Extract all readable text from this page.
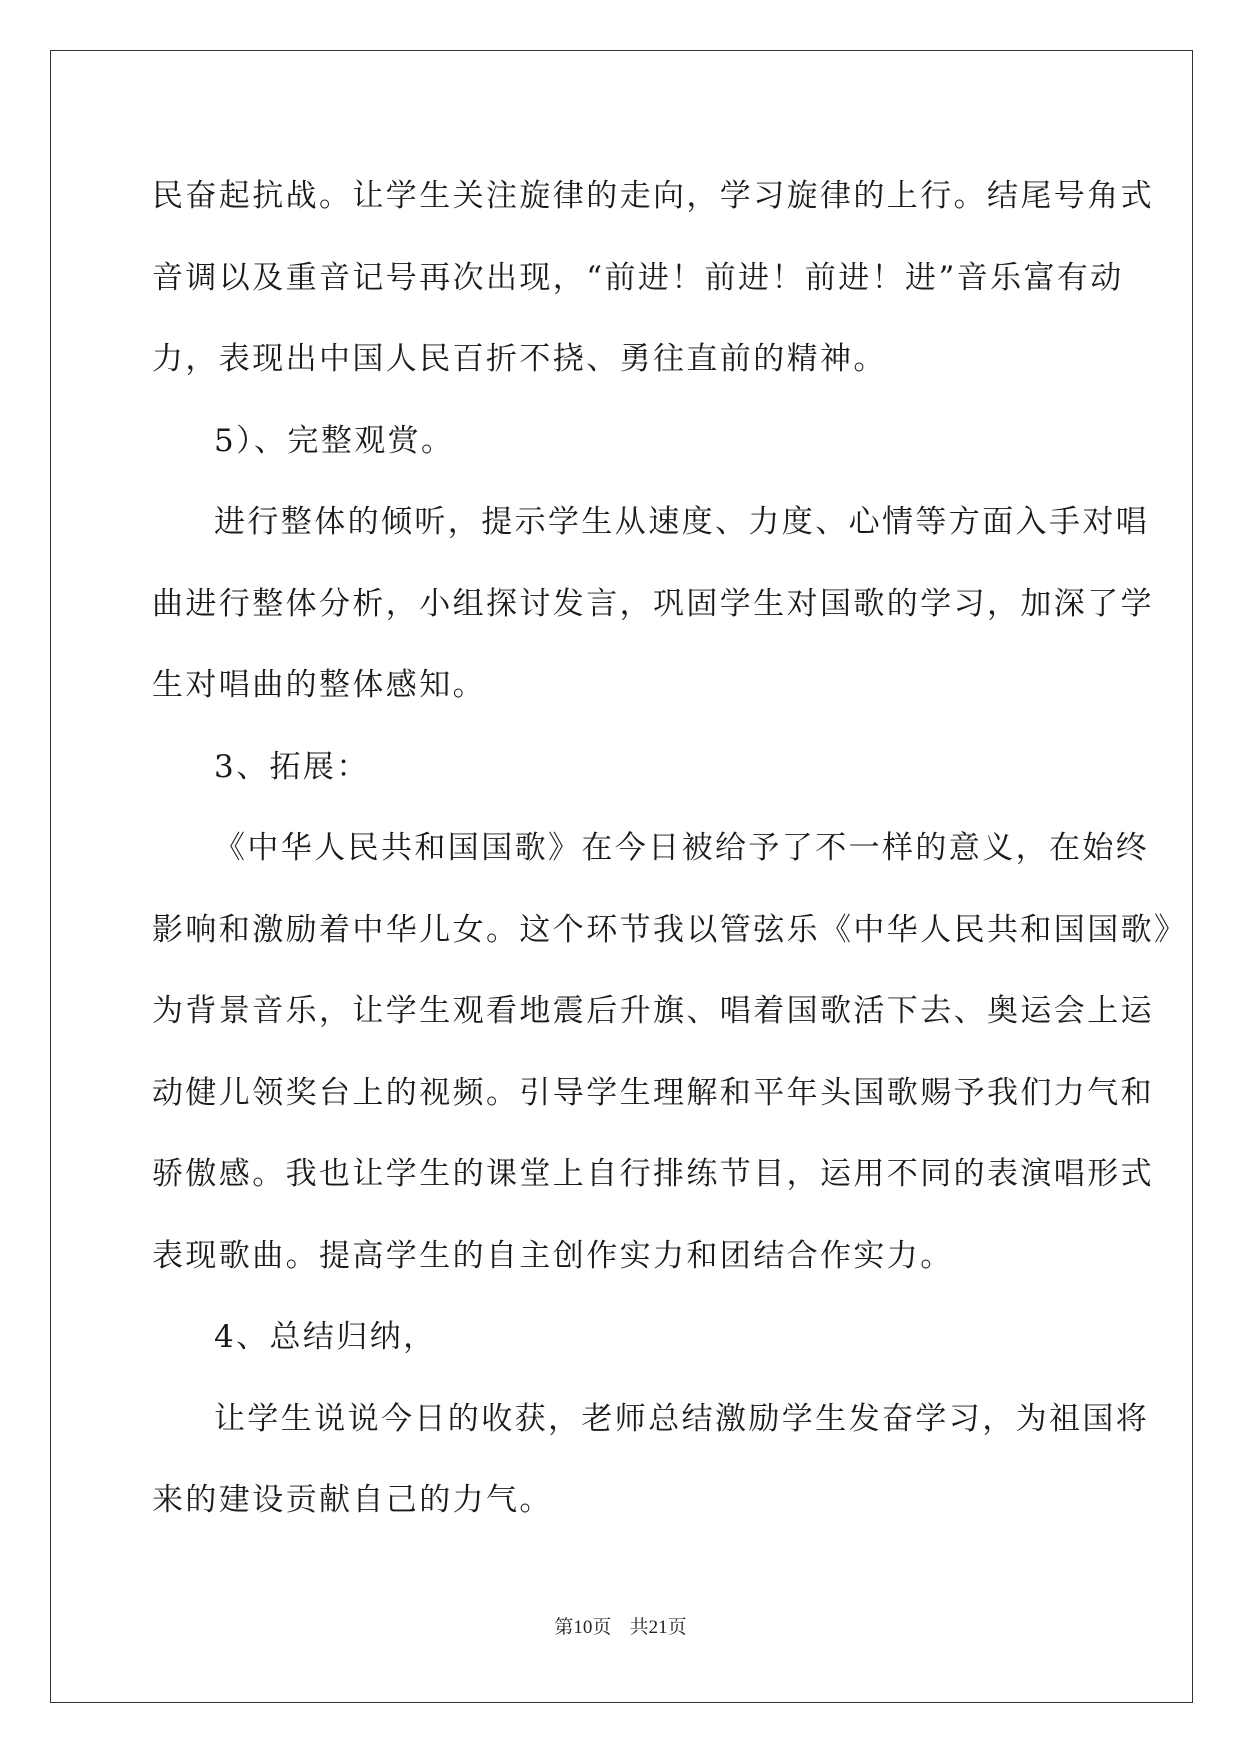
民奋起抗战。让学生关注旋律的走向，学习旋律的上行。结尾号角式
音调以及重音记号再次出现，“前进！前进！前进！进”音乐富有动
力，表现出中国人民百折不挠、勇往直前的精神。
5）、完整观赏。
进行整体的倾听，提示学生从速度、力度、心情等方面入手对唱
曲进行整体分析，小组探讨发言，巩固学生对国歌的学习，加深了学
生对唱曲的整体感知。
3、拓展：
《中华人民共和国国歌》在今日被给予了不一样的意义，在始终
影响和激励着中华儿女。这个环节我以管弦乐《中华人民共和国国歌》
为背景音乐，让学生观看地震后升旗、唱着国歌活下去、奥运会上运
动健儿领奖台上的视频。引导学生理解和平年头国歌赐予我们力气和
骄傲感。我也让学生的课堂上自行排练节目，运用不同的表演唱形式
表现歌曲。提高学生的自主创作实力和团结合作实力。
4、总结归纳，
让学生说说今日的收获，老师总结激励学生发奋学习，为祖国将
来的建设贡献自己的力气。
第10页 共21页
